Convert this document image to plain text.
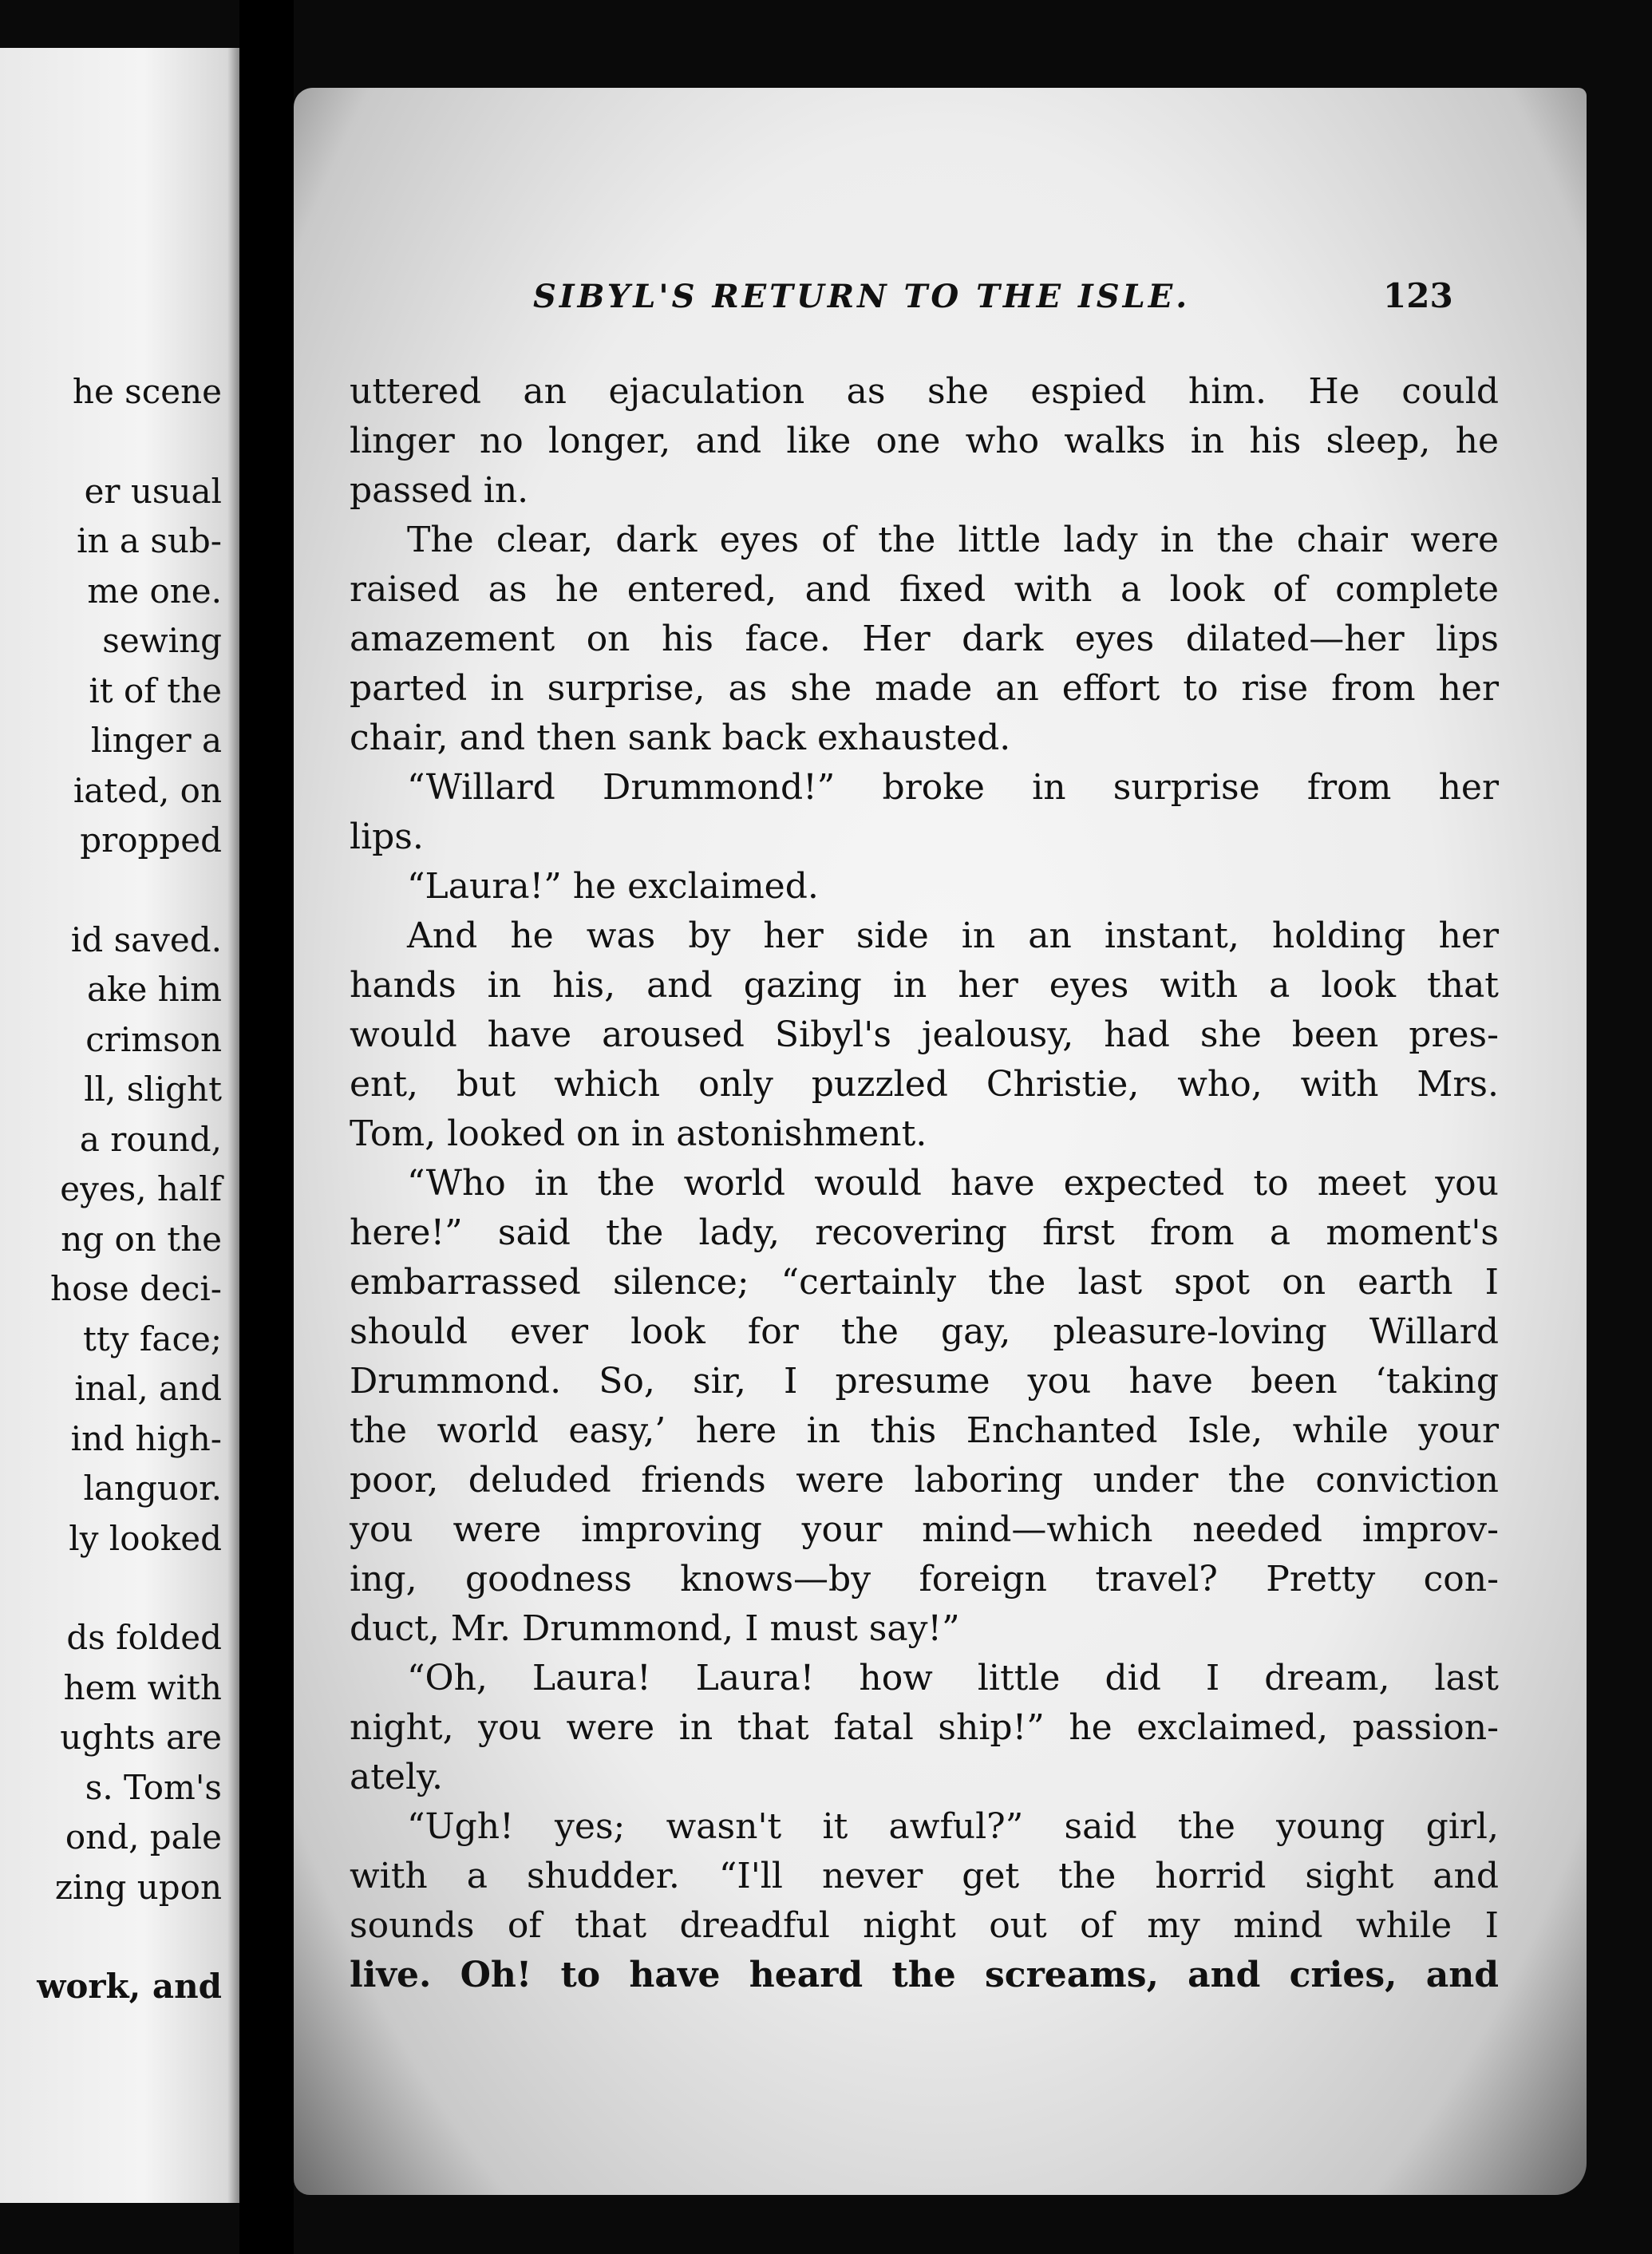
he scene

er usual
in a sub-
me one.
sewing
it of the
linger a
iated, on
propped

id saved.
ake him
crimson
ll, slight
a round,
eyes, half
ng on the
hose deci-
tty face;
inal, and
ind high-
languor.
ly looked

ds folded
hem with
ughts are
s. Tom's
ond, pale
zing upon

work, and
SIBYL'S RETURN TO THE ISLE.	123
uttered an ejaculation as she espied him. He could
linger no longer, and like one who walks in his sleep, he
passed in.
The clear, dark eyes of the little lady in the chair were
raised as he entered, and fixed with a look of complete
amazement on his face. Her dark eyes dilated—her lips
parted in surprise, as she made an effort to rise from her
chair, and then sank back exhausted.
“Willard Drummond!” broke in surprise from her
lips.
“Laura!” he exclaimed.
And he was by her side in an instant, holding her
hands in his, and gazing in her eyes with a look that
would have aroused Sibyl's jealousy, had she been pres-
ent, but which only puzzled Christie, who, with Mrs.
Tom, looked on in astonishment.
“Who in the world would have expected to meet you
here!” said the lady, recovering first from a moment's
embarrassed silence; “certainly the last spot on earth I
should ever look for the gay, pleasure-loving Willard
Drummond. So, sir, I presume you have been ‘taking
the world easy,’ here in this Enchanted Isle, while your
poor, deluded friends were laboring under the conviction
you were improving your mind—which needed improv-
ing, goodness knows—by foreign travel? Pretty con-
duct, Mr. Drummond, I must say!”
“Oh, Laura! Laura! how little did I dream, last
night, you were in that fatal ship!” he exclaimed, passion-
ately.
“Ugh! yes; wasn't it awful?” said the young girl,
with a shudder. “I'll never get the horrid sight and
sounds of that dreadful night out of my mind while I
live. Oh! to have heard the screams, and cries, and
